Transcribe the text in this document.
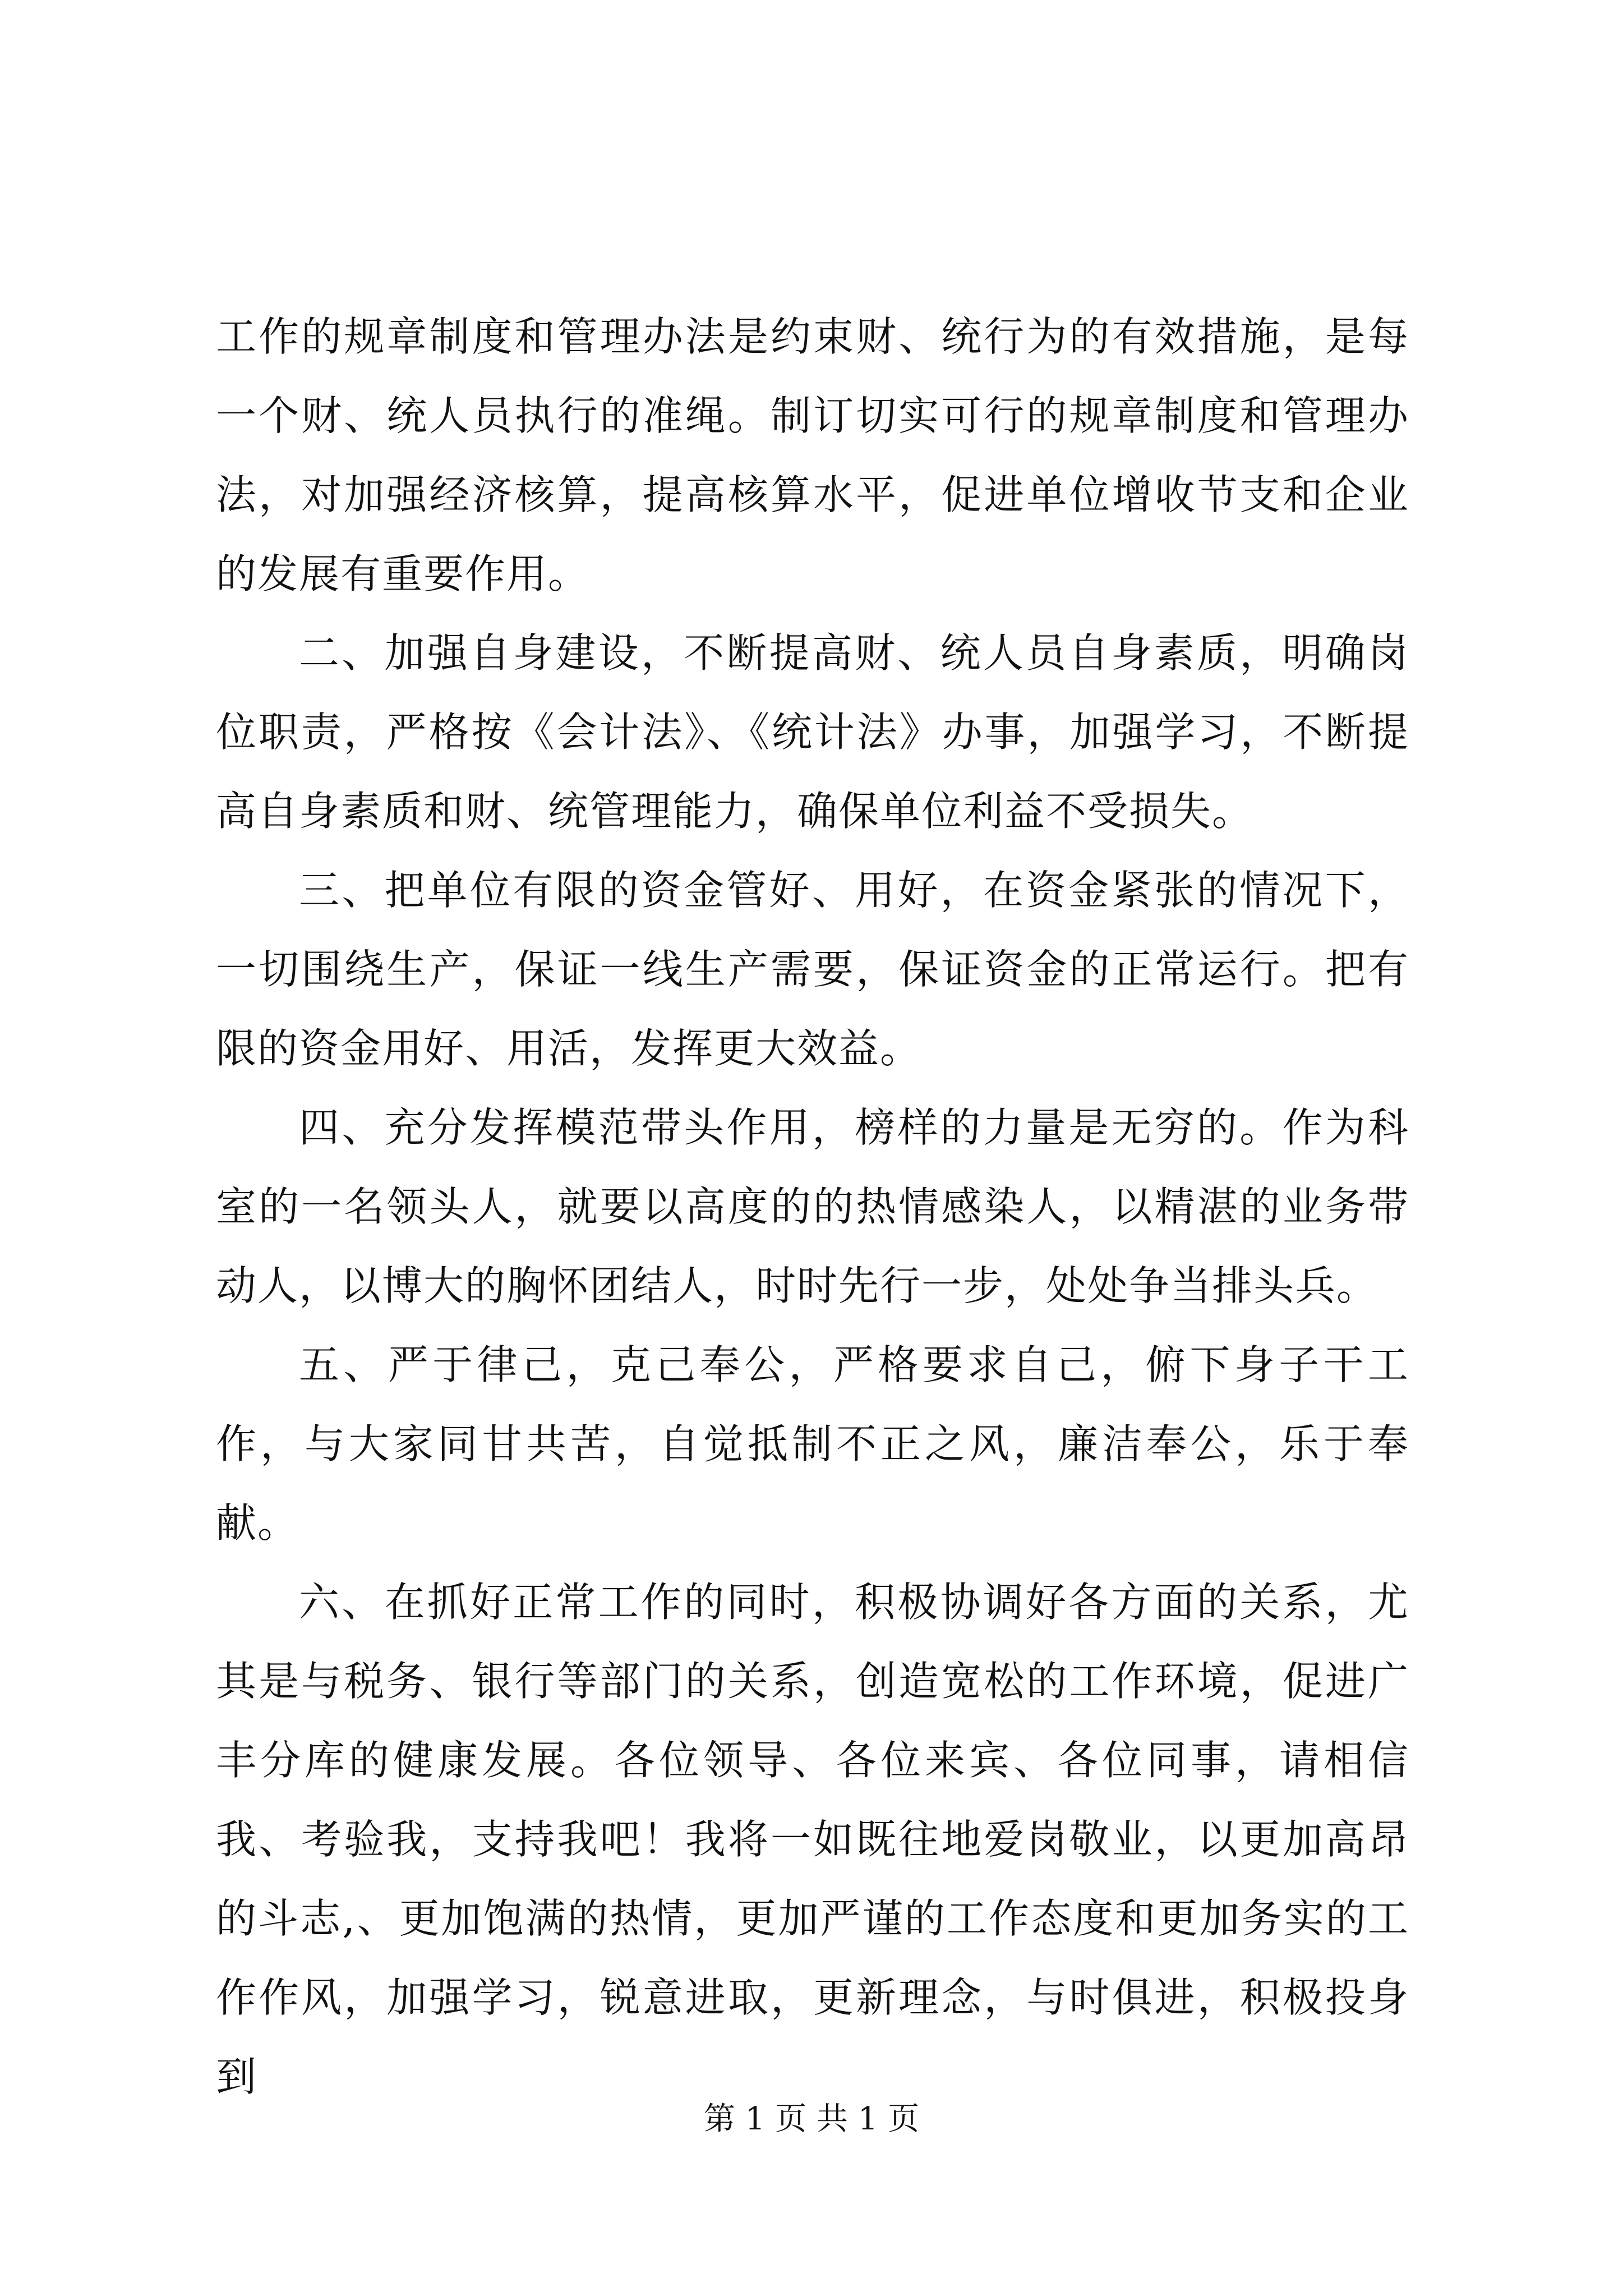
工作的规章制度和管理办法是约束财、统行为的有效措施，是每一个财、统人员执行的准绳。制订切实可行的规章制度和管理办法，对加强经济核算，提高核算水平，促进单位增收节支和企业的发展有重要作用。

二、加强自身建设，不断提高财、统人员自身素质，明确岗位职责，严格按《会计法》、《统计法》办事，加强学习，不断提高自身素质和财、统管理能力，确保单位利益不受损失。

三、把单位有限的资金管好、用好，在资金紧张的情况下，一切围绕生产，保证一线生产需要，保证资金的正常运行。把有限的资金用好、用活，发挥更大效益。

四、充分发挥模范带头作用，榜样的力量是无穷的。作为科室的一名领头人，就要以高度的的热情感染人，以精湛的业务带动人，以博大的胸怀团结人，时时先行一步，处处争当排头兵。

五、严于律己，克己奉公，严格要求自己，俯下身子干工作，与大家同甘共苦，自觉抵制不正之风，廉洁奉公，乐于奉献。

六、在抓好正常工作的同时，积极协调好各方面的关系，尤其是与税务、银行等部门的关系，创造宽松的工作环境，促进广丰分库的健康发展。各位领导、各位来宾、各位同事，请相信我、考验我，支持我吧！我将一如既往地爱岗敬业，以更加高昂的斗志,、更加饱满的热情，更加严谨的工作态度和更加务实的工作作风，加强学习，锐意进取，更新理念，与时俱进，积极投身到

第 1 页 共 1 页
